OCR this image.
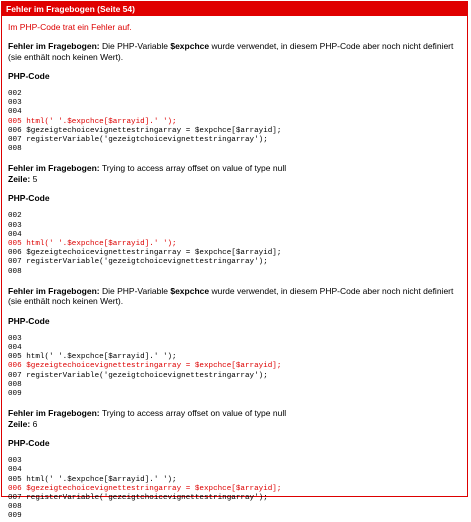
Fehler im Fragebogen (Seite 54)
Im PHP-Code trat ein Fehler auf.
Fehler im Fragebogen: Die PHP-Variable $expchce wurde verwendet, in diesem PHP-Code aber noch nicht definiert (sie enthält noch keinen Wert).
PHP-Code
002
003
004
005 html(' '.$expchce[$arrayid].' ');
006 $gezeigtechoicevignettestringarray = $expchce[$arrayid];
007 registerVariable('gezeigtchoicevignettestringarray');
008
Fehler im Fragebogen: Trying to access array offset on value of type null
Zeile: 5
PHP-Code
002
003
004
005 html(' '.$expchce[$arrayid].' ');
006 $gezeigtechoicevignettestringarray = $expchce[$arrayid];
007 registerVariable('gezeigtchoicevignettestringarray');
008
Fehler im Fragebogen: Die PHP-Variable $expchce wurde verwendet, in diesem PHP-Code aber noch nicht definiert (sie enthält noch keinen Wert).
PHP-Code
003
004
005 html(' '.$expchce[$arrayid].' ');
006 $gezeigtechoicevignettestringarray = $expchce[$arrayid];
007 registerVariable('gezeigtchoicevignettestringarray');
008
009
Fehler im Fragebogen: Trying to access array offset on value of type null
Zeile: 6
PHP-Code
003
004
005 html(' '.$expchce[$arrayid].' ');
006 $gezeigtechoicevignettestringarray = $expchce[$arrayid];
007 registerVariable('gezeigtchoicevignettestringarray');
008
009
